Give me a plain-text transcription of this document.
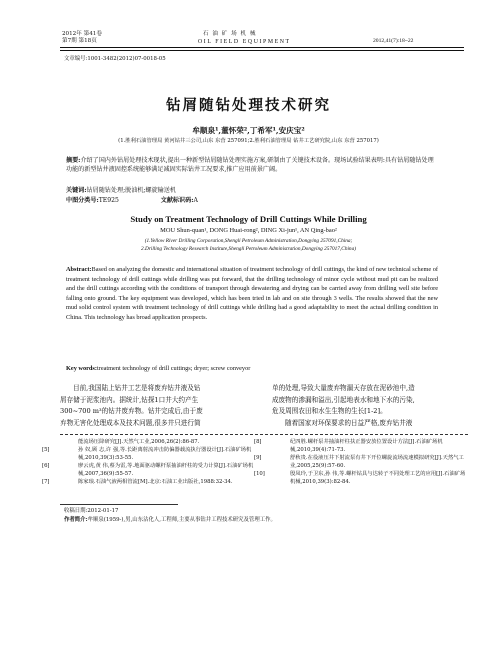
2012年 第41卷
第7期 第18页
石 油 矿 场 机 械
OIL FIELD EQUIPMENT	2012,41(7):18~22
文章编号:1001-3482(2012)07-0018-05
钻屑随钻处理技术研究
牟顺泉¹,董怀荣²,丁希军¹,安庆宝²
(1.胜利石油管理局 黄河钻井三公司,山东 东营 257091;2.胜利石油管理局 钻井工艺研究院,山东 东营 257017)
摘要:介绍了国内外钻屑处理技术现状,提出一种新型钻屑随钻处理实施方案,研制由了关键技术设备。现场试验结果表明:具有钻屑随钻处理功能的新型钻井液固控系统能够满足减固实际钻井工况要求,推广应用前景广阔。
关键词:钻屑随钻处理;脱油机;螺旋输送机
中图分类号:TE925	文献标识码:A
Study on Treatment Technology of Drill Cuttings While Drilling
MOU Shun-quan¹, DONG Huai-rong², DING Xi-jun¹, AN Qing-bao²
(1.Yellow River Drilling Corporation,Shengli Petroleum Administration,Dongying 257091,China;
2.Drilling Technology Research Institute,Shengli Petroleum Administration,Dongying 257017,China)
Abstract:Based on analyzing the domestic and international situation of treatment technology of drill cuttings, the kind of new technical scheme of treatment technology of drill cuttings while drilling was put forward, that the drilling technology of minor cycle without mud pit can be realized and the drill cuttings according with the conditions of transport through dewatering and drying can be carried away from drilling well site before falling onto ground. The key equipment was developed, which has been tried in lab and on site through 3 wells. The results showed that the new mud solid control system with treatment technology of drill cuttings while drilling had a good adaptability to meet the actual drilling condition in China. This technology has broad application prospects.
Key words:treatment technology of drill cuttings; dryer; screw conveyor
目前,我国陆上钻井工艺是将废弃钻井液及钻
屑存储于泥浆池内。据统计,钻探1口井大约产生
300~700 m³的钻井废弃物。钻井完成后,由于废
弃物无害化处理成本及技术问题,很多井只进行简
单的处理,导致大量废弃物漏天存放在泥砂池中,造
成废物的渗漏和溢出,引起地表水和地下水的污染,
危及周围农田和水生生物的生长[1-2]。
随着国家对环保要求的日益严格,废弃钻井液
能流场压降研究[J].天然气工业,2006,26(2):86-87.
[5]	孙 奴,顾 志,许 强,等.长距离射流冲击防偏器载流执行器设计[J].石油矿场机械,2010,39(3):53-55.
[6]	廖云虎,黄 伟,蔡为雷,等.地面驱动螺杆泵抽油杆柱的受力计算[J].石油矿场机械,2007,36(9):55-57.
[7]	陈家琅.石油气液两相管流[M].北京:石油工业出版社,1988:32-34.
[8]	纪四胜.螺杆泵井抽油杆柱扶正器安放位置设计方法[J].石油矿场机械,2010,39(4):71-73.
[9]	舒秋贵.在役液压井下射流泵有井下开位螺旋流场流速模拟研究[J].天然气工业,2005,25(9):57-60.
[10]	殷凤玲,于卫东,孙 伟,等.螺杆钻具与达转子不同处理工艺的应用[J].石油矿场机械,2010,39(3):82-84.
收稿日期:2012-01-17
作者简介:牟顺泉(1959-),男,山东沾化人,工程师,主要从事钻井工程技术研究及管理工作。
